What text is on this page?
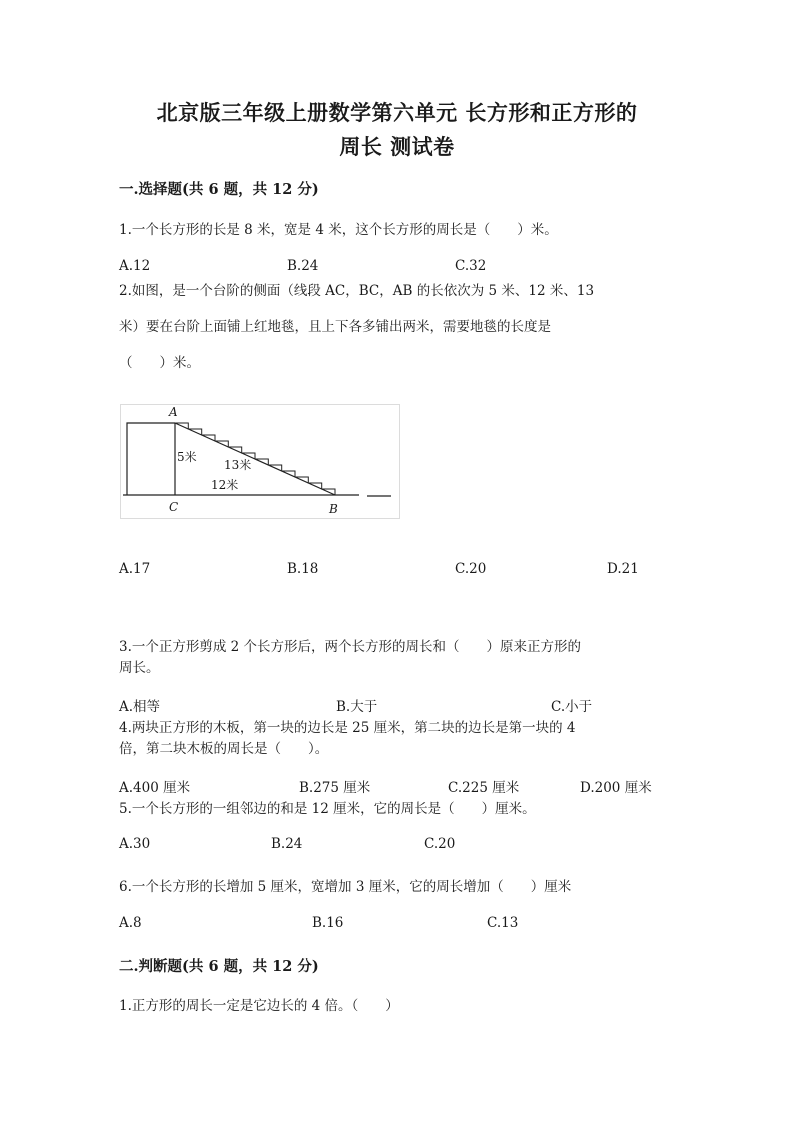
北京版三年级上册数学第六单元 长方形和正方形的
周长 测试卷
一.选择题(共 6 题，共 12 分)
1.一个长方形的长是 8 米，宽是 4 米，这个长方形的周长是（　　）米。
A.12	B.24	C.32
2.如图，是一个台阶的侧面（线段 AC，BC，AB 的长依次为 5 米、12 米、13
米）要在台阶上面铺上红地毯，且上下各多铺出两米，需要地毯的长度是
（　　）米。
A
C	B
5米
13米
12米
A.17	B.18	C.20	D.21
3.一个正方形剪成 2 个长方形后，两个长方形的周长和（　　）原来正方形的
周长。
A.相等	B.大于	C.小于
4.两块正方形的木板，第一块的边长是 25 厘米，第二块的边长是第一块的 4
倍，第二块木板的周长是（　　）。
A.400 厘米	B.275 厘米	C.225 厘米	D.200 厘米
5.一个长方形的一组邻边的和是 12 厘米，它的周长是（　　）厘米。
A.30	B.24	C.20
6.一个长方形的长增加 5 厘米，宽增加 3 厘米，它的周长增加（　　）厘米
A.8	B.16	C.13
二.判断题(共 6 题，共 12 分)
1.正方形的周长一定是它边长的 4 倍。（　　）
